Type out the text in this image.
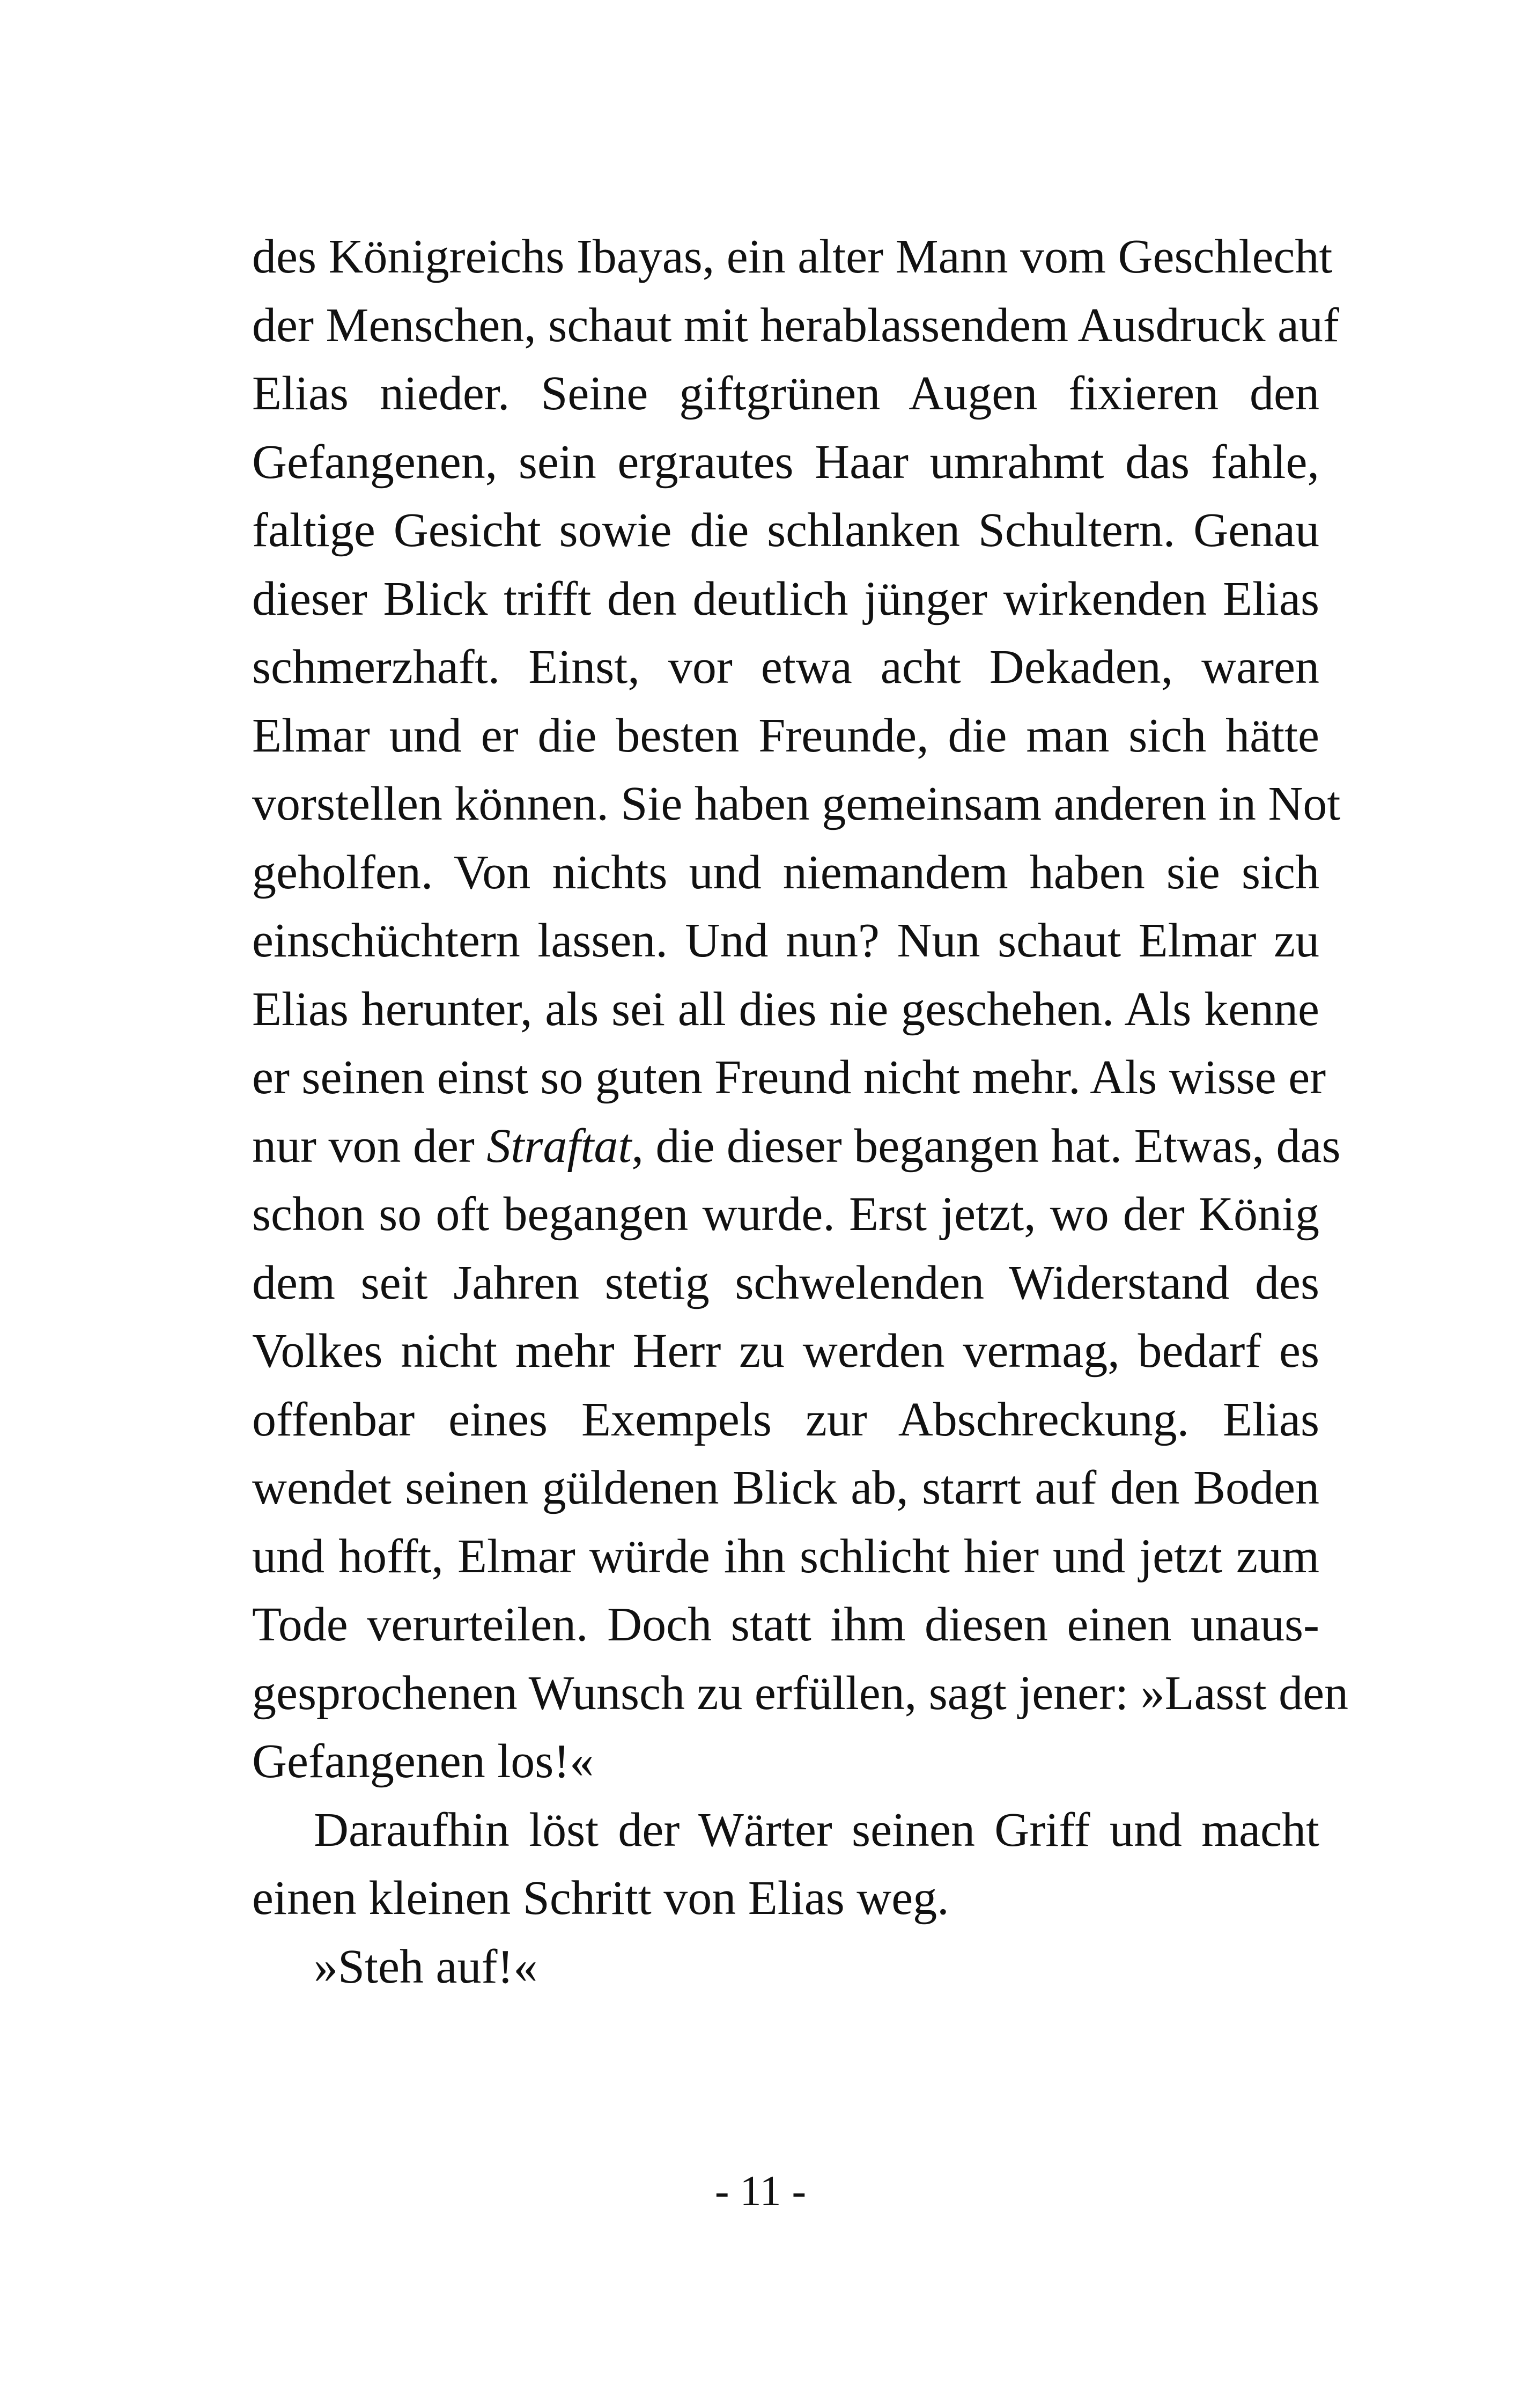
des Königreichs Ibayas, ein alter Mann vom Geschlecht
der Menschen, schaut mit herablassendem Ausdruck auf
Elias nieder. Seine giftgrünen Augen fixieren den
Gefangenen, sein ergrautes Haar umrahmt das fahle,
faltige Gesicht sowie die schlanken Schultern. Genau
dieser Blick trifft den deutlich jünger wirkenden Elias
schmerzhaft. Einst, vor etwa acht Dekaden, waren
Elmar und er die besten Freunde, die man sich hätte
vorstellen können. Sie haben gemeinsam anderen in Not
geholfen. Von nichts und niemandem haben sie sich
einschüchtern lassen. Und nun? Nun schaut Elmar zu
Elias herunter, als sei all dies nie geschehen. Als kenne
er seinen einst so guten Freund nicht mehr. Als wisse er
nur von der Straftat, die dieser begangen hat. Etwas, das
schon so oft begangen wurde. Erst jetzt, wo der König
dem seit Jahren stetig schwelenden Widerstand des
Volkes nicht mehr Herr zu werden vermag, bedarf es
offenbar eines Exempels zur Abschreckung. Elias
wendet seinen güldenen Blick ab, starrt auf den Boden
und hofft, Elmar würde ihn schlicht hier und jetzt zum
Tode verurteilen. Doch statt ihm diesen einen unaus-
gesprochenen Wunsch zu erfüllen, sagt jener: »Lasst den
Gefangenen los!«
Daraufhin löst der Wärter seinen Griff und macht
einen kleinen Schritt von Elias weg.
»Steh auf!«
- 11 -
